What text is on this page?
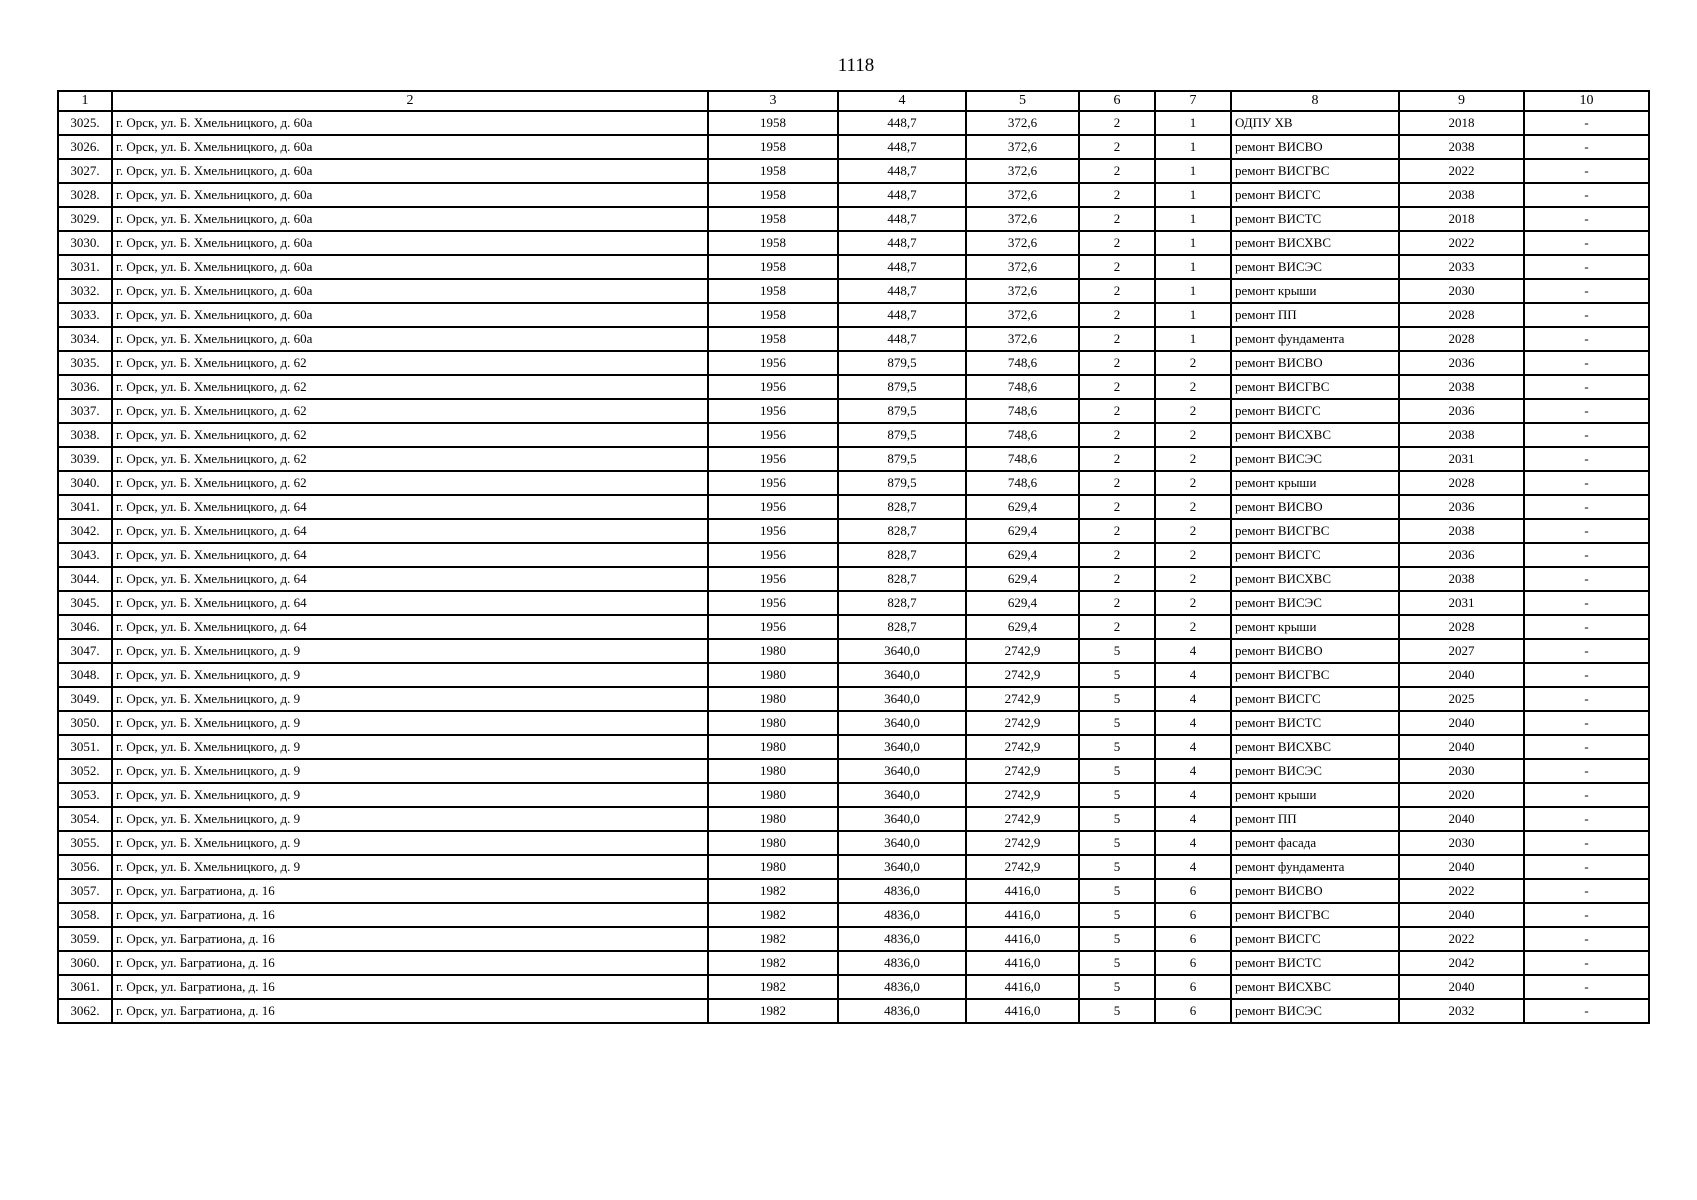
1118
1	2	3	4	5	6	7	8	9	10
3025.	г. Орск, ул. Б. Хмельницкого, д. 60а	1958	448,7	372,6	2	1	ОДПУ ХВ	2018	-
3026.	г. Орск, ул. Б. Хмельницкого, д. 60а	1958	448,7	372,6	2	1	ремонт ВИСВО	2038	-
3027.	г. Орск, ул. Б. Хмельницкого, д. 60а	1958	448,7	372,6	2	1	ремонт ВИСГВС	2022	-
3028.	г. Орск, ул. Б. Хмельницкого, д. 60а	1958	448,7	372,6	2	1	ремонт ВИСГС	2038	-
3029.	г. Орск, ул. Б. Хмельницкого, д. 60а	1958	448,7	372,6	2	1	ремонт ВИСТС	2018	-
3030.	г. Орск, ул. Б. Хмельницкого, д. 60а	1958	448,7	372,6	2	1	ремонт ВИСХВС	2022	-
3031.	г. Орск, ул. Б. Хмельницкого, д. 60а	1958	448,7	372,6	2	1	ремонт ВИСЭС	2033	-
3032.	г. Орск, ул. Б. Хмельницкого, д. 60а	1958	448,7	372,6	2	1	ремонт крыши	2030	-
3033.	г. Орск, ул. Б. Хмельницкого, д. 60а	1958	448,7	372,6	2	1	ремонт ПП	2028	-
3034.	г. Орск, ул. Б. Хмельницкого, д. 60а	1958	448,7	372,6	2	1	ремонт фундамента	2028	-
3035.	г. Орск, ул. Б. Хмельницкого, д. 62	1956	879,5	748,6	2	2	ремонт ВИСВО	2036	-
3036.	г. Орск, ул. Б. Хмельницкого, д. 62	1956	879,5	748,6	2	2	ремонт ВИСГВС	2038	-
3037.	г. Орск, ул. Б. Хмельницкого, д. 62	1956	879,5	748,6	2	2	ремонт ВИСГС	2036	-
3038.	г. Орск, ул. Б. Хмельницкого, д. 62	1956	879,5	748,6	2	2	ремонт ВИСХВС	2038	-
3039.	г. Орск, ул. Б. Хмельницкого, д. 62	1956	879,5	748,6	2	2	ремонт ВИСЭС	2031	-
3040.	г. Орск, ул. Б. Хмельницкого, д. 62	1956	879,5	748,6	2	2	ремонт крыши	2028	-
3041.	г. Орск, ул. Б. Хмельницкого, д. 64	1956	828,7	629,4	2	2	ремонт ВИСВО	2036	-
3042.	г. Орск, ул. Б. Хмельницкого, д. 64	1956	828,7	629,4	2	2	ремонт ВИСГВС	2038	-
3043.	г. Орск, ул. Б. Хмельницкого, д. 64	1956	828,7	629,4	2	2	ремонт ВИСГС	2036	-
3044.	г. Орск, ул. Б. Хмельницкого, д. 64	1956	828,7	629,4	2	2	ремонт ВИСХВС	2038	-
3045.	г. Орск, ул. Б. Хмельницкого, д. 64	1956	828,7	629,4	2	2	ремонт ВИСЭС	2031	-
3046.	г. Орск, ул. Б. Хмельницкого, д. 64	1956	828,7	629,4	2	2	ремонт крыши	2028	-
3047.	г. Орск, ул. Б. Хмельницкого, д. 9	1980	3640,0	2742,9	5	4	ремонт ВИСВО	2027	-
3048.	г. Орск, ул. Б. Хмельницкого, д. 9	1980	3640,0	2742,9	5	4	ремонт ВИСГВС	2040	-
3049.	г. Орск, ул. Б. Хмельницкого, д. 9	1980	3640,0	2742,9	5	4	ремонт ВИСГС	2025	-
3050.	г. Орск, ул. Б. Хмельницкого, д. 9	1980	3640,0	2742,9	5	4	ремонт ВИСТС	2040	-
3051.	г. Орск, ул. Б. Хмельницкого, д. 9	1980	3640,0	2742,9	5	4	ремонт ВИСХВС	2040	-
3052.	г. Орск, ул. Б. Хмельницкого, д. 9	1980	3640,0	2742,9	5	4	ремонт ВИСЭС	2030	-
3053.	г. Орск, ул. Б. Хмельницкого, д. 9	1980	3640,0	2742,9	5	4	ремонт крыши	2020	-
3054.	г. Орск, ул. Б. Хмельницкого, д. 9	1980	3640,0	2742,9	5	4	ремонт ПП	2040	-
3055.	г. Орск, ул. Б. Хмельницкого, д. 9	1980	3640,0	2742,9	5	4	ремонт фасада	2030	-
3056.	г. Орск, ул. Б. Хмельницкого, д. 9	1980	3640,0	2742,9	5	4	ремонт фундамента	2040	-
3057.	г. Орск, ул. Багратиона, д. 16	1982	4836,0	4416,0	5	6	ремонт ВИСВО	2022	-
3058.	г. Орск, ул. Багратиона, д. 16	1982	4836,0	4416,0	5	6	ремонт ВИСГВС	2040	-
3059.	г. Орск, ул. Багратиона, д. 16	1982	4836,0	4416,0	5	6	ремонт ВИСГС	2022	-
3060.	г. Орск, ул. Багратиона, д. 16	1982	4836,0	4416,0	5	6	ремонт ВИСТС	2042	-
3061.	г. Орск, ул. Багратиона, д. 16	1982	4836,0	4416,0	5	6	ремонт ВИСХВС	2040	-
3062.	г. Орск, ул. Багратиона, д. 16	1982	4836,0	4416,0	5	6	ремонт ВИСЭС	2032	-
